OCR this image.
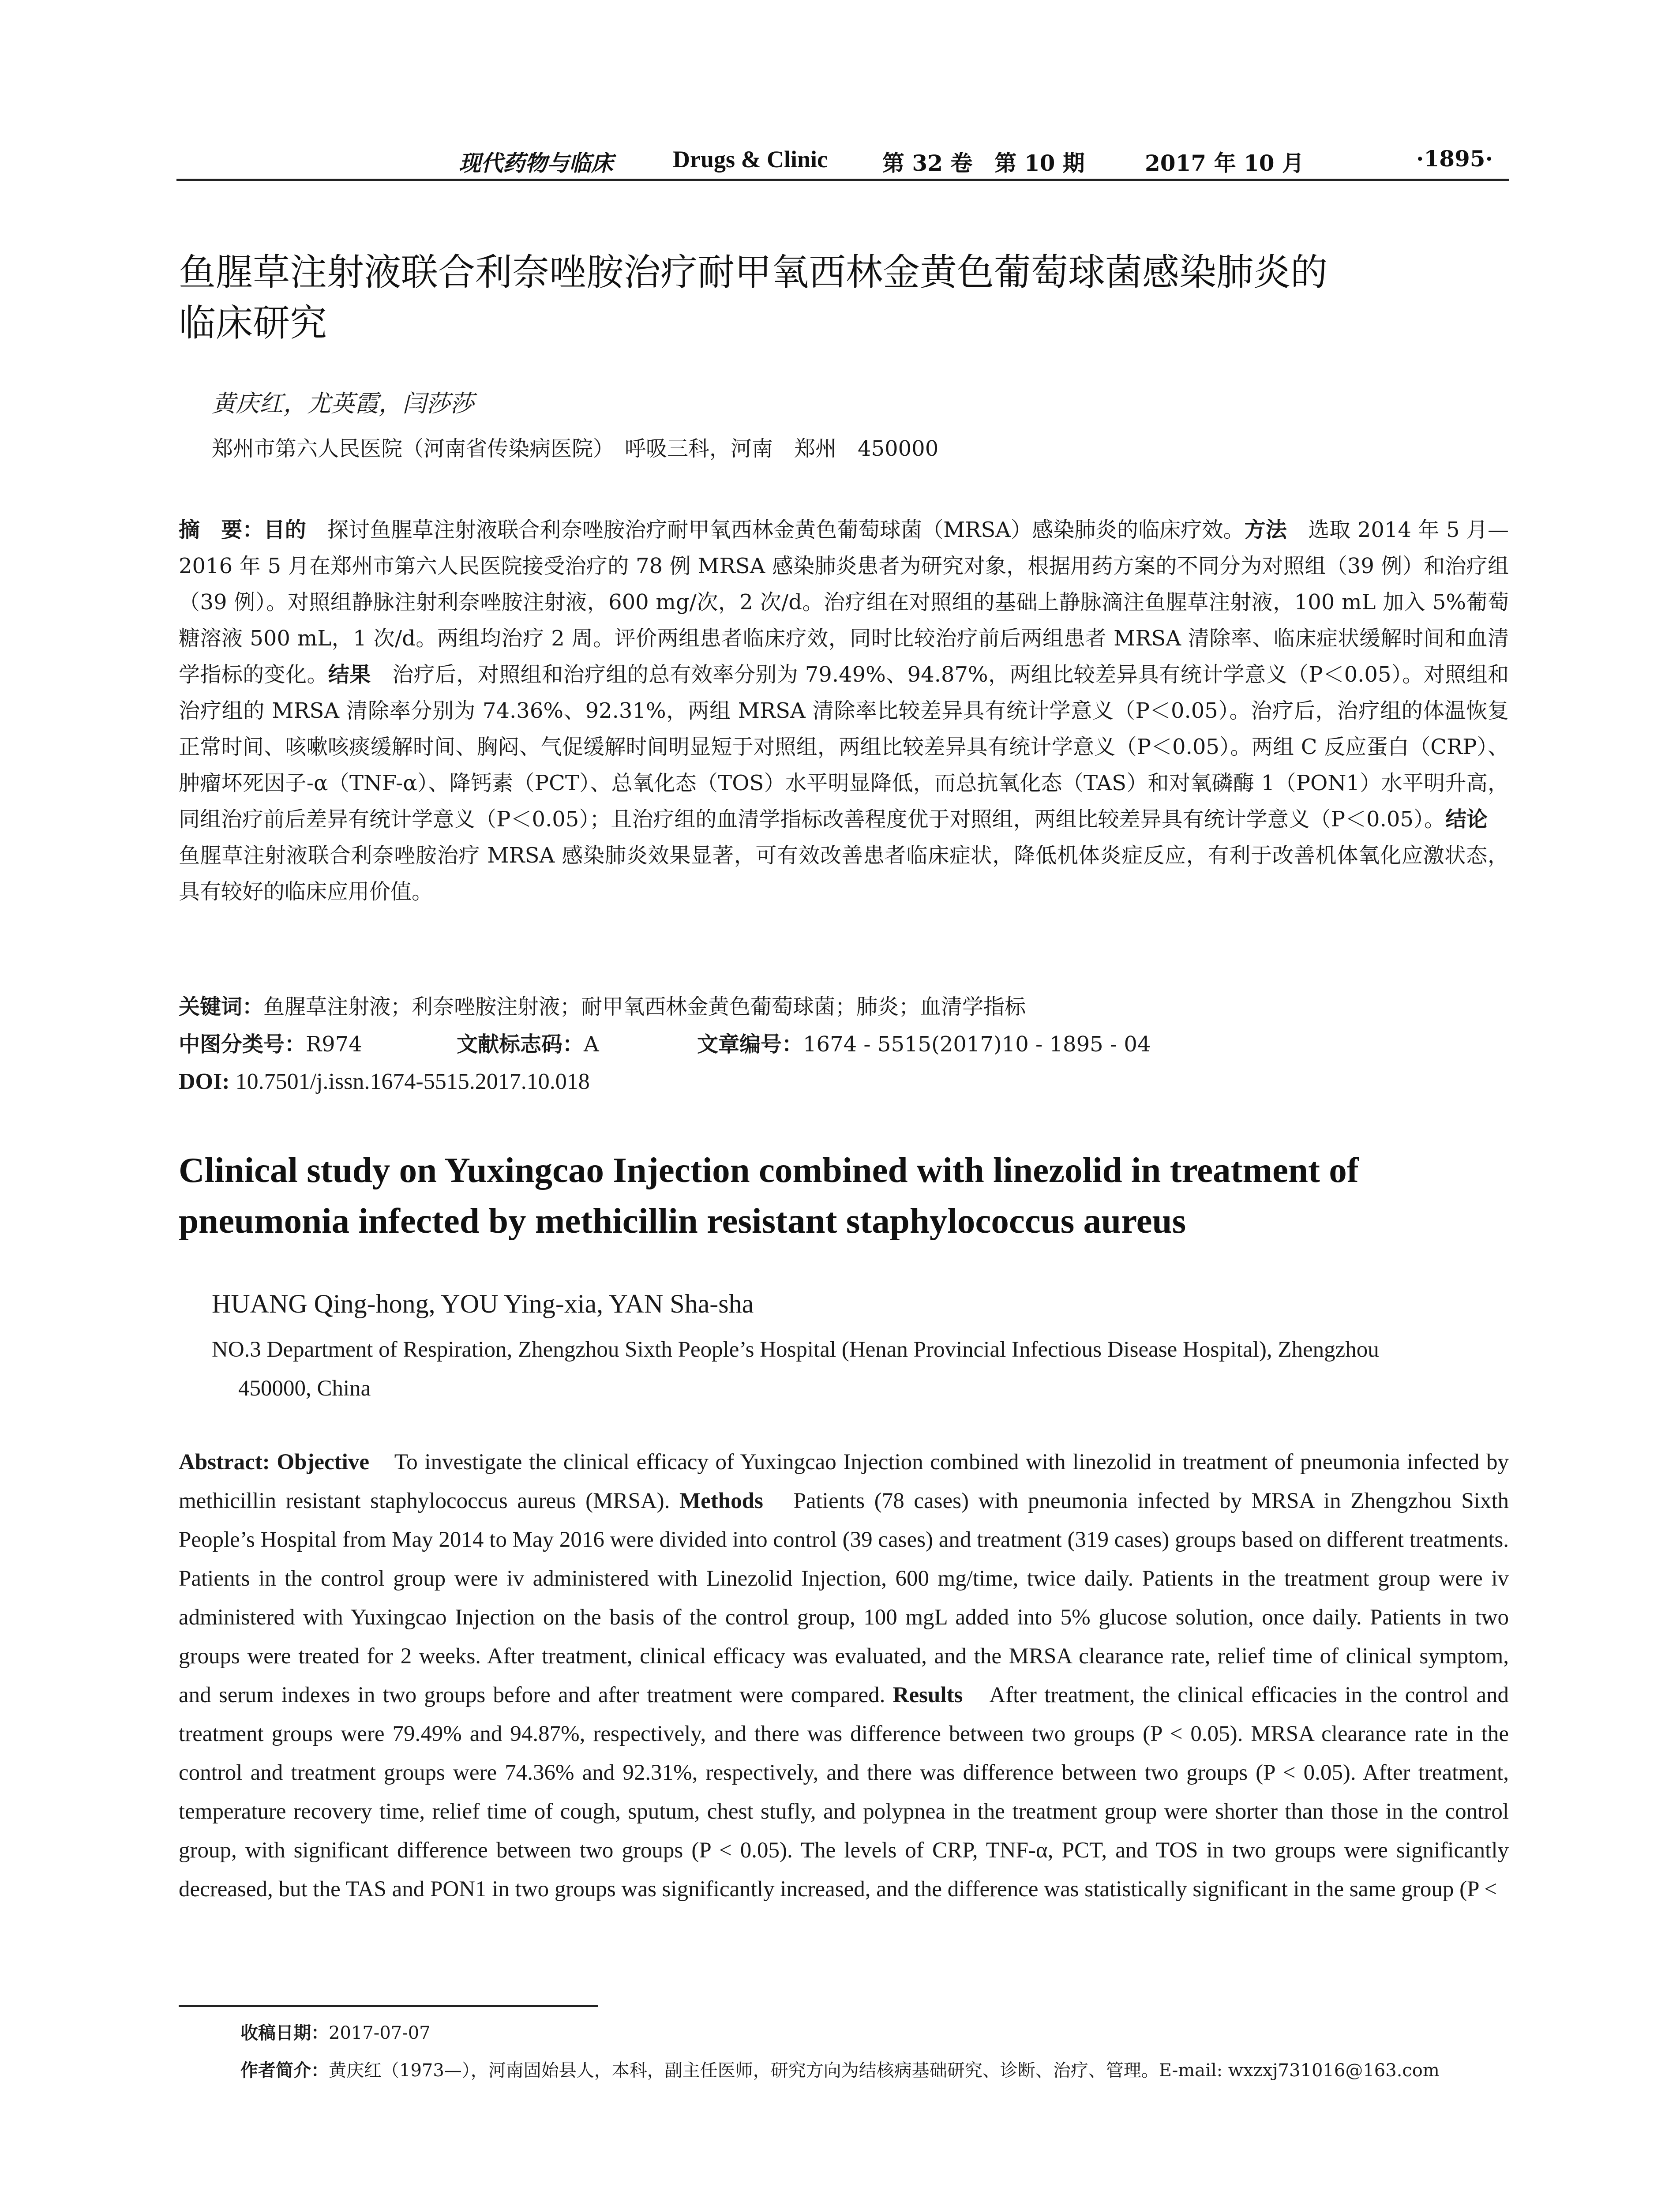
现代药物与临床	Drugs & Clinic 第 32 卷　第 10 期	2017 年 10 月	·1895·
鱼腥草注射液联合利奈唑胺治疗耐甲氧西林金黄色葡萄球菌感染肺炎的
临床研究
黄庆红，尤英霞，闫莎莎
郑州市第六人民医院（河南省传染病医院）　呼吸三科，河南　郑州　450000
摘　要：目的　探讨鱼腥草注射液联合利奈唑胺治疗耐甲氧西林金黄色葡萄球菌（MRSA）感染肺炎的临床疗效。方法　选取 2014 年 5 月—2016 年 5 月在郑州市第六人民医院接受治疗的 78 例 MRSA 感染肺炎患者为研究对象，根据用药方案的不同分为对照组（39 例）和治疗组（39 例）。对照组静脉注射利奈唑胺注射液，600 mg/次，2 次/d。治疗组在对照组的基础上静脉滴注鱼腥草注射液，100 mL 加入 5%葡萄糖溶液 500 mL，1 次/d。两组均治疗 2 周。评价两组患者临床疗效，同时比较治疗前后两组患者 MRSA 清除率、临床症状缓解时间和血清学指标的变化。结果　治疗后，对照组和治疗组的总有效率分别为 79.49%、94.87%，两组比较差异具有统计学意义（P＜0.05）。对照组和治疗组的 MRSA 清除率分别为 74.36%、92.31%，两组 MRSA 清除率比较差异具有统计学意义（P＜0.05）。治疗后，治疗组的体温恢复正常时间、咳嗽咳痰缓解时间、胸闷、气促缓解时间明显短于对照组，两组比较差异具有统计学意义（P＜0.05）。两组 C 反应蛋白（CRP）、肿瘤坏死因子-α（TNF-α）、降钙素（PCT）、总氧化态（TOS）水平明显降低，而总抗氧化态（TAS）和对氧磷酶 1（PON1）水平明升高，同组治疗前后差异有统计学意义（P＜0.05）；且治疗组的血清学指标改善程度优于对照组，两组比较差异具有统计学意义（P＜0.05）。结论　鱼腥草注射液联合利奈唑胺治疗 MRSA 感染肺炎效果显著，可有效改善患者临床症状，降低机体炎症反应，有利于改善机体氧化应激状态，具有较好的临床应用价值。
关键词：鱼腥草注射液；利奈唑胺注射液；耐甲氧西林金黄色葡萄球菌；肺炎；血清学指标
中图分类号：R974	文献标志码：A	文章编号：1674 - 5515(2017)10 - 1895 - 04
DOI: 10.7501/j.issn.1674-5515.2017.10.018
Clinical study on Yuxingcao Injection combined with linezolid in treatment of
pneumonia infected by methicillin resistant staphylococcus aureus
HUANG Qing-hong, YOU Ying-xia, YAN Sha-sha
NO.3 Department of Respiration, Zhengzhou Sixth People’s Hospital (Henan Provincial Infectious Disease Hospital), Zhengzhou
450000, China
Abstract: Objective　To investigate the clinical efficacy of Yuxingcao Injection combined with linezolid in treatment of pneumonia infected by methicillin resistant staphylococcus aureus (MRSA). Methods　Patients (78 cases) with pneumonia infected by MRSA in Zhengzhou Sixth People’s Hospital from May 2014 to May 2016 were divided into control (39 cases) and treatment (319 cases) groups based on different treatments. Patients in the control group were iv administered with Linezolid Injection, 600 mg/time, twice daily. Patients in the treatment group were iv administered with Yuxingcao Injection on the basis of the control group, 100 mgL added into 5% glucose solution, once daily. Patients in two groups were treated for 2 weeks. After treatment, clinical efficacy was evaluated, and the MRSA clearance rate, relief time of clinical symptom, and serum indexes in two groups before and after treatment were compared. Results　After treatment, the clinical efficacies in the control and treatment groups were 79.49% and 94.87%, respectively, and there was difference between two groups (P < 0.05). MRSA clearance rate in the control and treatment groups were 74.36% and 92.31%, respectively, and there was difference between two groups (P < 0.05). After treatment, temperature recovery time, relief time of cough, sputum, chest stufly, and polypnea in the treatment group were shorter than those in the control group, with significant difference between two groups (P < 0.05). The levels of CRP, TNF-α, PCT, and TOS in two groups were significantly decreased, but the TAS and PON1 in two groups was significantly increased, and the difference was statistically significant in the same group (P <
收稿日期：2017-07-07
作者简介：黄庆红（1973—），河南固始县人，本科，副主任医师，研究方向为结核病基础研究、诊断、治疗、管理。E-mail: wxzxj731016@163.com
